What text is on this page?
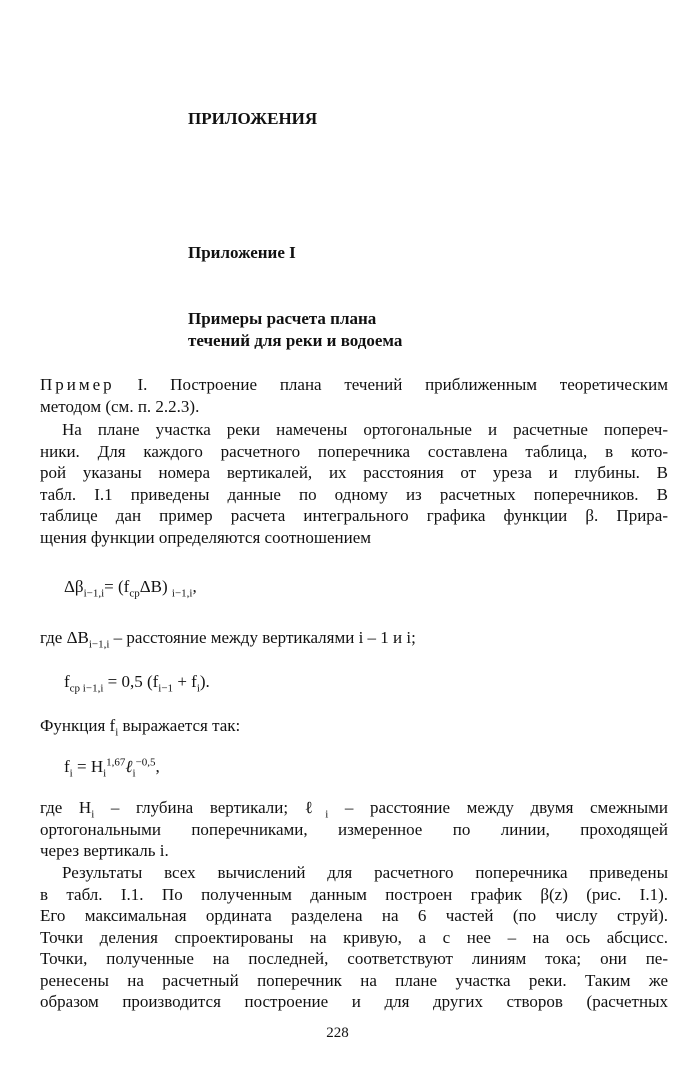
ПРИЛОЖЕНИЯ
Приложение I
Примеры расчета плана
течений для реки и водоема
Пример I. Построение плана течений приближенным теоретическим
методом (см. п. 2.2.3).
На плане участка реки намечены ортогональные и расчетные попереч-
ники. Для каждого расчетного поперечника составлена таблица, в кото-
рой указаны номера вертикалей, их расстояния от уреза и глубины. В
табл. I.1 приведены данные по одному из расчетных поперечников. В
таблице дан пример расчета интегрального графика функции β. Прира-
щения функции определяются соотношением
$\Delta\beta_{i-1,i}= (f_{cp}\Delta B)$ $_{i-1,i}$,
где $\Delta B_{i-1,i}$ – расстояние между вертикалями i – 1 и i;
$f_{cp i-1,i} = 0,5$ $(f_{i-1} + f_i)$.
Функция $f_i$ выражается так:
$f_i$ = $H_i^{1,67}\ell_i^{-0,5}$,
где $H_i$ – глубина вертикали; ℓ$_i$ – расстояние между двумя смежными
ортогональными поперечниками, измеренное по линии, проходящей
через вертикаль i.
Результаты всех вычислений для расчетного поперечника приведены
в табл. I.1. По полученным данным построен график β(z) (рис. I.1).
Его максимальная ордината разделена на 6 частей (по числу струй).
Точки деления спроектированы на кривую, а с нее – на ось абсцисс.
Точки, полученные на последней, соответствуют линиям тока; они пе-
ренесены на расчетный поперечник на плане участка реки. Таким же
образом производится построение и для других створов (расчетных
228
